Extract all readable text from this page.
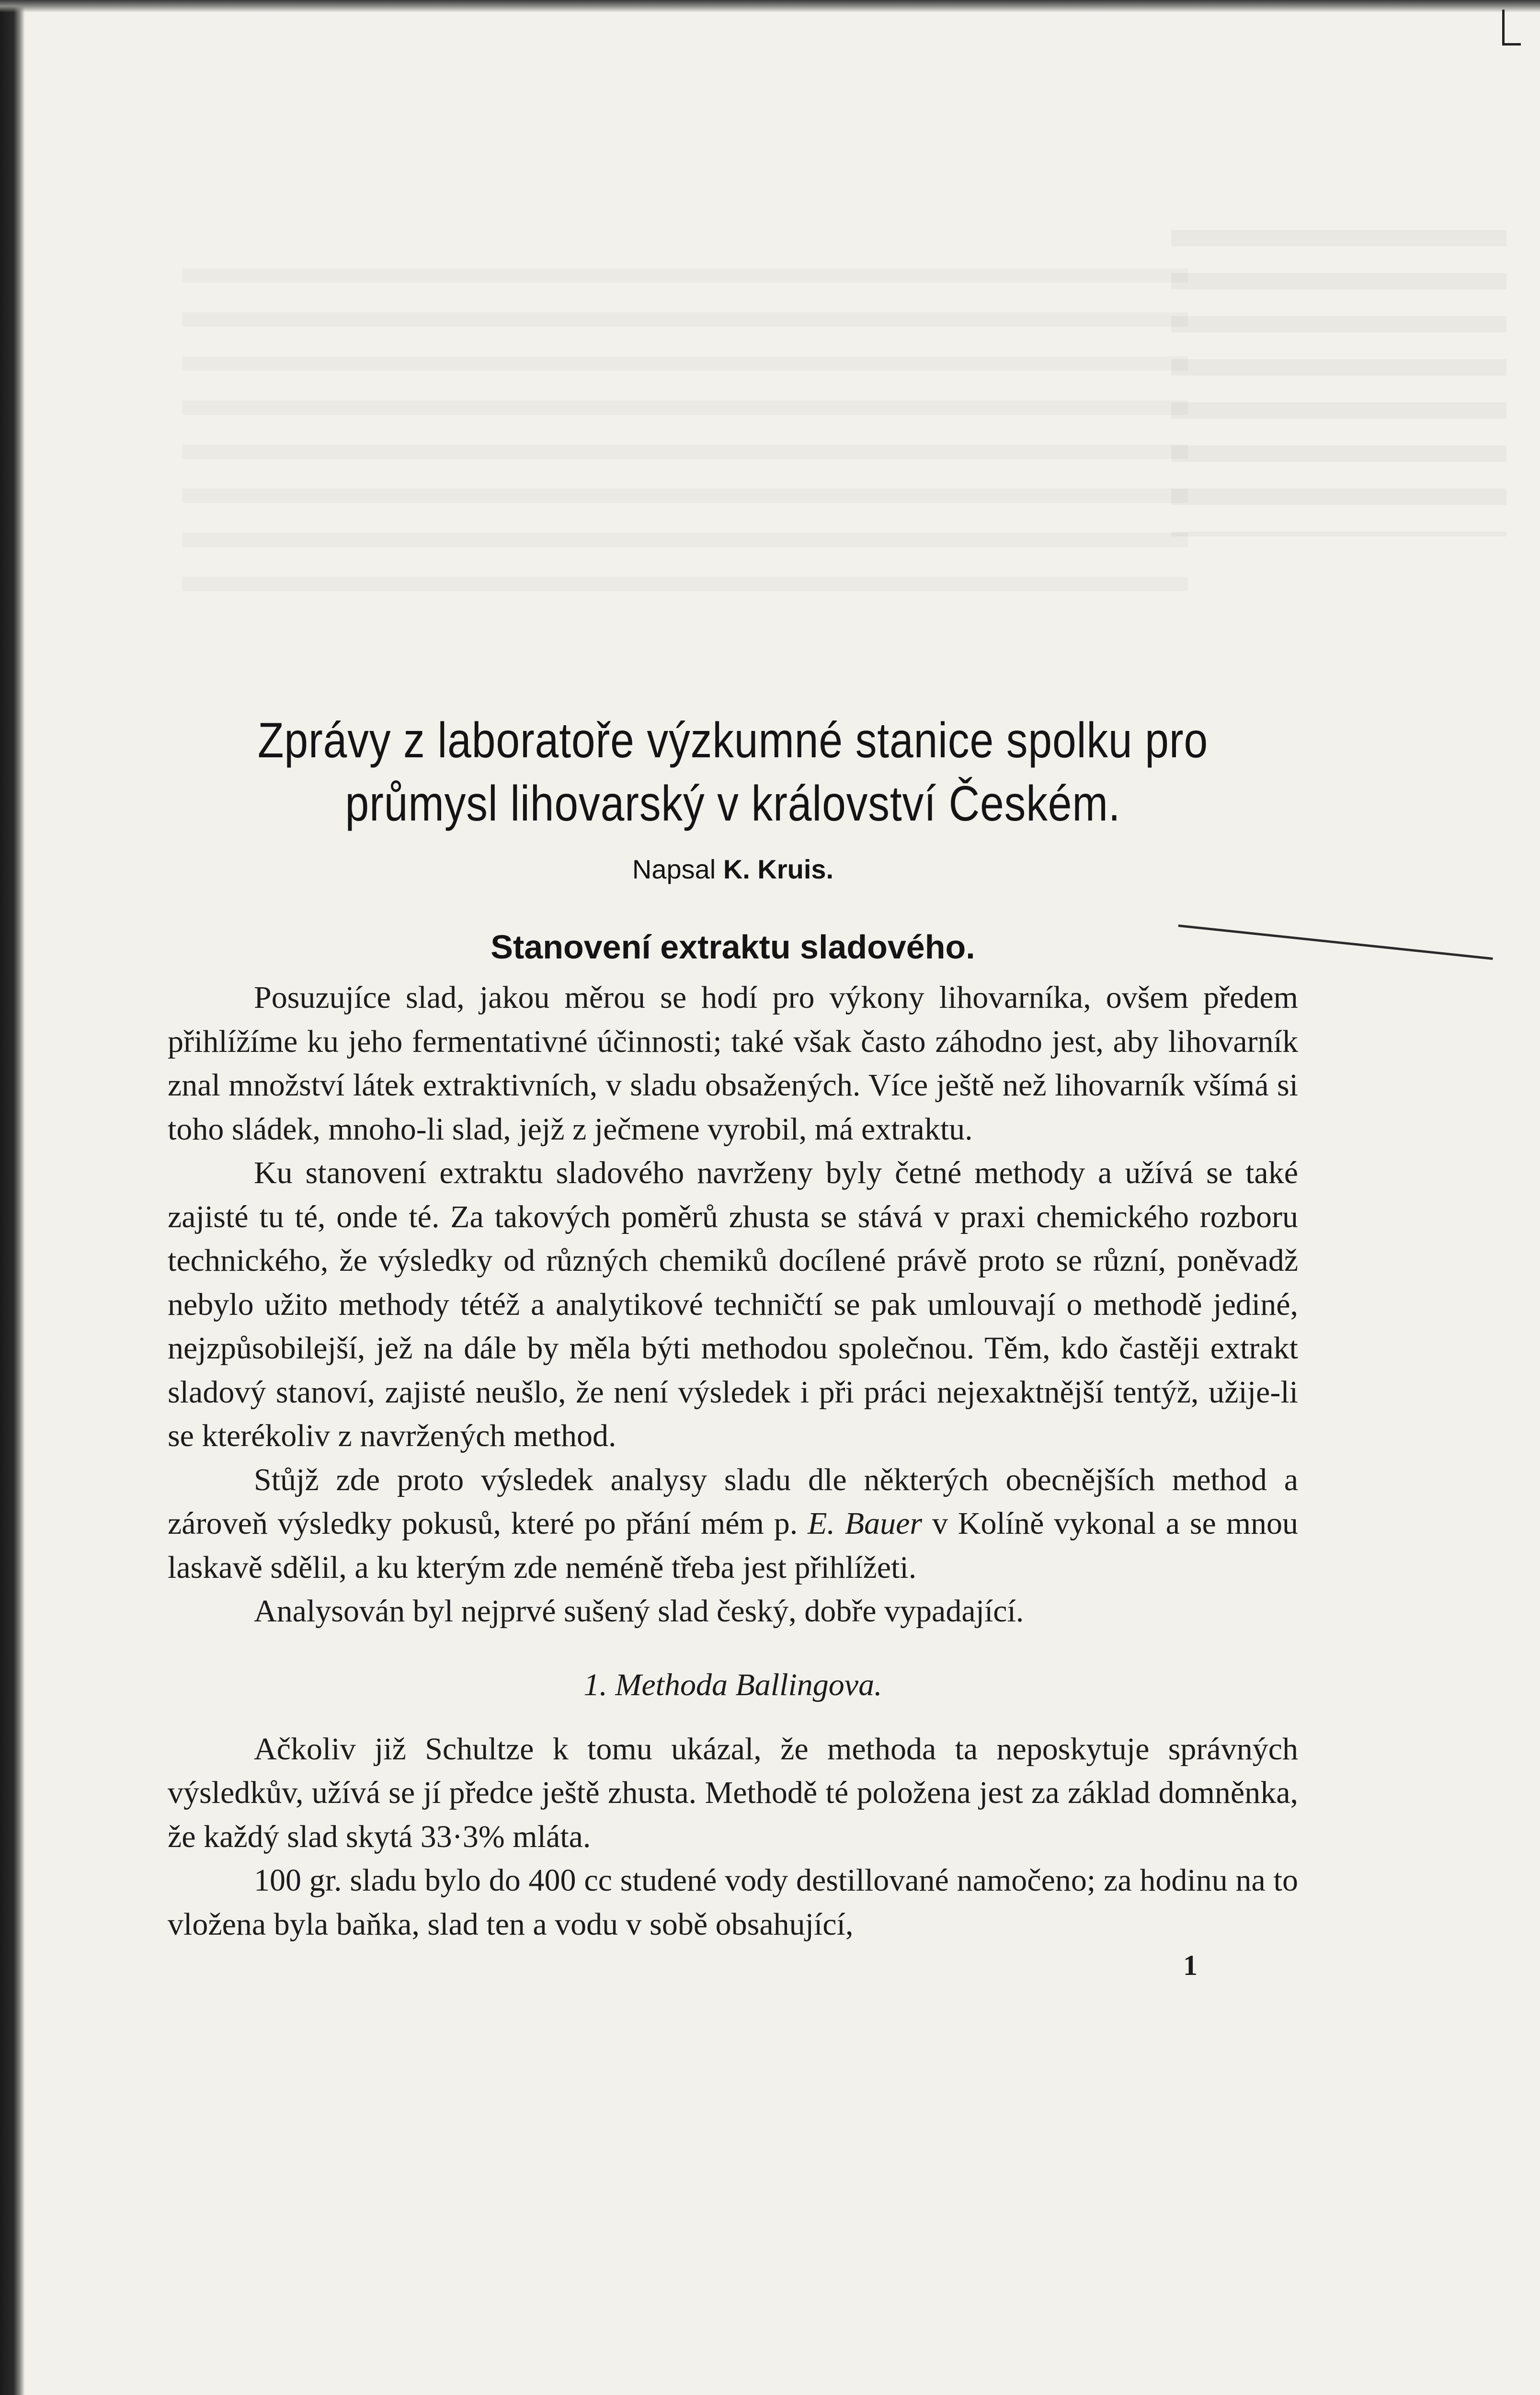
Zprávy z laboratoře výzkumné stanice spolku pro
průmysl lihovarský v království Českém.
Napsal K. Kruis.
Stanovení extraktu sladového.

Posuzujíce slad, jakou měrou se hodí pro výkony lihovarníka, ovšem předem přihlížíme ku jeho fermentativné účinnosti; také však často záhodno jest, aby lihovarník znal množství látek extraktivních, v sladu obsažených. Více ještě než lihovarník všímá si toho sládek, mnoho-li slad, jejž z ječmene vyrobil, má extraktu.

Ku stanovení extraktu sladového navrženy byly četné methody a užívá se také zajisté tu té, onde té. Za takových poměrů zhusta se stává v praxi chemického rozboru technického, že výsledky od různých chemiků docílené právě proto se různí, poněvadž nebylo užito methody tétéž a analytikové techničtí se pak umlouvají o methodě jediné, nejzpůsobilejší, jež na dále by měla býti methodou společnou. Těm, kdo častěji extrakt sladový stanoví, zajisté neušlo, že není výsledek i při práci nejexaktnější tentýž, užije-li se kterékoliv z navržených method.

Stůjž zde proto výsledek analysy sladu dle některých obecnějších method a zároveň výsledky pokusů, které po přání mém p. E. Bauer v Kolíně vykonal a se mnou laskavě sdělil, a ku kterým zde neméně třeba jest přihlížeti.

Analysován byl nejprvé sušený slad český, dobře vypadající.

1. Methoda Ballingova.

Ačkoliv již Schultze k tomu ukázal, že methoda ta neposkytuje správných výsledkův, užívá se jí předce ještě zhusta. Methodě té položena jest za základ domněnka, že každý slad skytá 33·3% mláta.

100 gr. sladu bylo do 400 cc studené vody destillované namočeno; za hodinu na to vložena byla baňka, slad ten a vodu v sobě obsahující,

1
